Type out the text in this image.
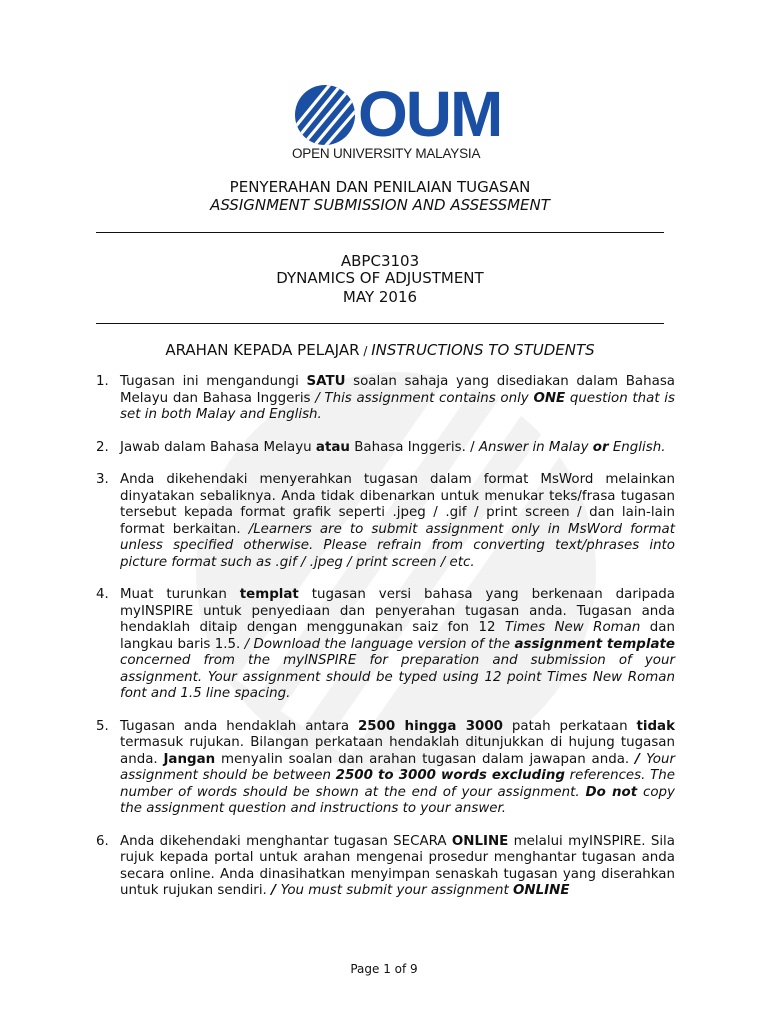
OUM
OPEN UNIVERSITY MALAYSIA
PENYERAHAN DAN PENILAIAN TUGASAN
ASSIGNMENT SUBMISSION AND ASSESSMENT
ABPC3103
DYNAMICS OF ADJUSTMENT
MAY 2016
ARAHAN KEPADA PELAJAR / INSTRUCTIONS TO STUDENTS
1. Tugasan ini mengandungi SATU soalan sahaja yang disediakan dalam Bahasa Melayu dan Bahasa Inggeris / This assignment contains only ONE question that is set in both Malay and English.
2. Jawab dalam Bahasa Melayu atau Bahasa Inggeris. / Answer in Malay or English.
3. Anda dikehendaki menyerahkan tugasan dalam format MsWord melainkan dinyatakan sebaliknya. Anda tidak dibenarkan untuk menukar teks/frasa tugasan tersebut kepada format grafik seperti .jpeg / .gif / print screen / dan lain-lain format berkaitan. /Learners are to submit assignment only in MsWord format unless specified otherwise. Please refrain from converting text/phrases into picture format such as .gif / .jpeg / print screen / etc.
4. Muat turunkan templat tugasan versi bahasa yang berkenaan daripada myINSPIRE untuk penyediaan dan penyerahan tugasan anda. Tugasan anda hendaklah ditaip dengan menggunakan saiz fon 12 Times New Roman dan langkau baris 1.5. / Download the language version of the assignment template concerned from the myINSPIRE for preparation and submission of your assignment. Your assignment should be typed using 12 point Times New Roman font and 1.5 line spacing.
5. Tugasan anda hendaklah antara 2500 hingga 3000 patah perkataan tidak termasuk rujukan. Bilangan perkataan hendaklah ditunjukkan di hujung tugasan anda. Jangan menyalin soalan dan arahan tugasan dalam jawapan anda. / Your assignment should be between 2500 to 3000 words excluding references. The number of words should be shown at the end of your assignment. Do not copy the assignment question and instructions to your answer.
6. Anda dikehendaki menghantar tugasan SECARA ONLINE melalui myINSPIRE. Sila rujuk kepada portal untuk arahan mengenai prosedur menghantar tugasan anda secara online. Anda dinasihatkan menyimpan senaskah tugasan yang diserahkan untuk rujukan sendiri. / You must submit your assignment ONLINE
Page 1 of 9
